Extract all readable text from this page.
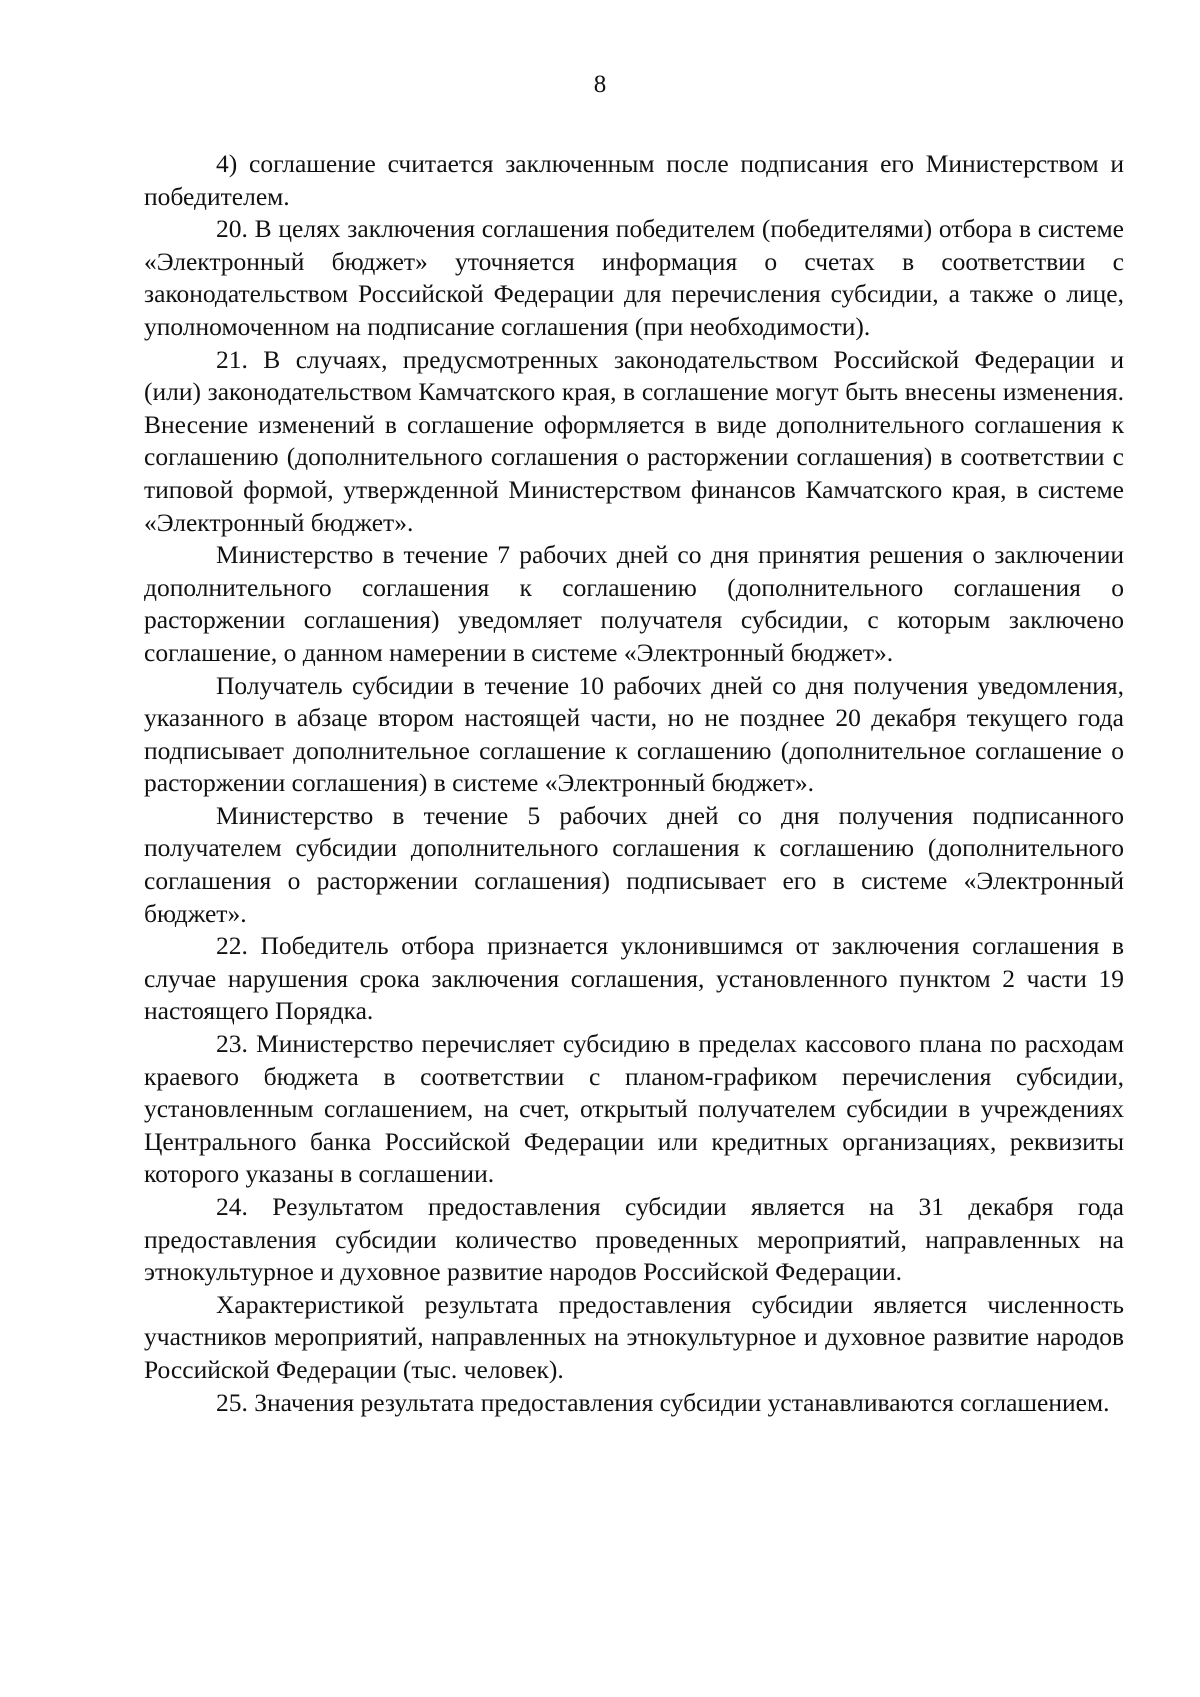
8

4) соглашение считается заключенным после подписания его Министерством и победителем.

20. В целях заключения соглашения победителем (победителями) отбора в системе «Электронный бюджет» уточняется информация о счетах в соответствии с законодательством Российской Федерации для перечисления субсидии, а также о лице, уполномоченном на подписание соглашения (при необходимости).

21. В случаях, предусмотренных законодательством Российской Федерации и (или) законодательством Камчатского края, в соглашение могут быть внесены изменения. Внесение изменений в соглашение оформляется в виде дополнительного соглашения к соглашению (дополнительного соглашения о расторжении соглашения) в соответствии с типовой формой, утвержденной Министерством финансов Камчатского края, в системе «Электронный бюджет».

Министерство в течение 7 рабочих дней со дня принятия решения о заключении дополнительного соглашения к соглашению (дополнительного соглашения о расторжении соглашения) уведомляет получателя субсидии, с которым заключено соглашение, о данном намерении в системе «Электронный бюджет».

Получатель субсидии в течение 10 рабочих дней со дня получения уведомления, указанного в абзаце втором настоящей части, но не позднее 20 декабря текущего года подписывает дополнительное соглашение к соглашению (дополнительное соглашение о расторжении соглашения) в системе «Электронный бюджет».

Министерство в течение 5 рабочих дней со дня получения подписанного получателем субсидии дополнительного соглашения к соглашению (дополнительного соглашения о расторжении соглашения) подписывает его в системе «Электронный бюджет».

22. Победитель отбора признается уклонившимся от заключения соглашения в случае нарушения срока заключения соглашения, установленного пунктом 2 части 19 настоящего Порядка.

23. Министерство перечисляет субсидию в пределах кассового плана по расходам краевого бюджета в соответствии с планом-графиком перечисления субсидии, установленным соглашением, на счет, открытый получателем субсидии в учреждениях Центрального банка Российской Федерации или кредитных организациях, реквизиты которого указаны в соглашении.

24. Результатом предоставления субсидии является на 31 декабря года предоставления субсидии количество проведенных мероприятий, направленных на этнокультурное и духовное развитие народов Российской Федерации.

Характеристикой результата предоставления субсидии является численность участников мероприятий, направленных на этнокультурное и духовное развитие народов Российской Федерации (тыс. человек).

25. Значения результата предоставления субсидии устанавливаются соглашением.
